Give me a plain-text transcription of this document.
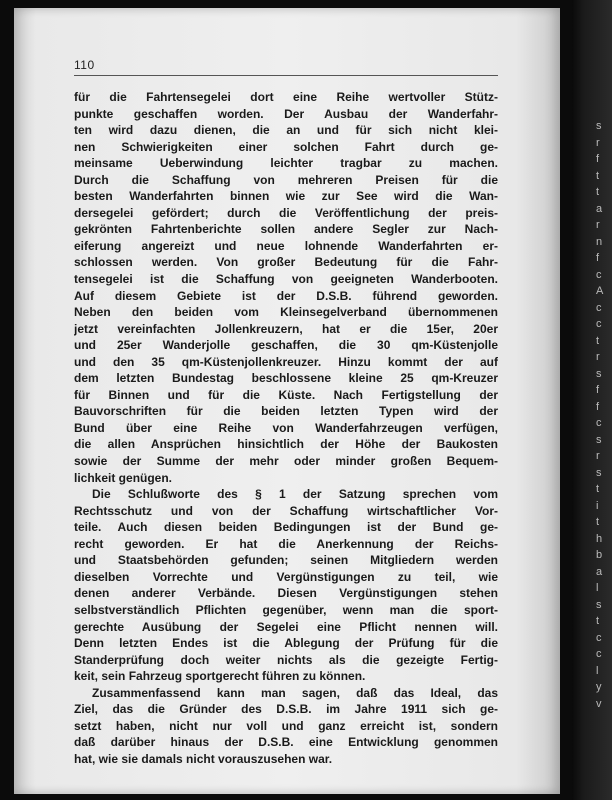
s
r
f
t
t
a
r
n
f
c
A
c
c
t
r
s
f
f
c
s
r
s
t
i
t
h
b
a
l
s
t
c
c
l
y
v
110
für die Fahrtensegelei dort eine Reihe wertvoller Stütz-
punkte geschaffen worden. Der Ausbau der Wanderfahr-
ten wird dazu dienen, die an und für sich nicht klei-
nen Schwierigkeiten einer solchen Fahrt durch ge-
meinsame Ueberwindung leichter tragbar zu machen.
Durch die Schaffung von mehreren Preisen für die
besten Wanderfahrten binnen wie zur See wird die Wan-
dersegelei gefördert; durch die Veröffentlichung der preis-
gekrönten Fahrtenberichte sollen andere Segler zur Nach-
eiferung angereizt und neue lohnende Wanderfahrten er-
schlossen werden. Von großer Bedeutung für die Fahr-
tensegelei ist die Schaffung von geeigneten Wanderbooten.
Auf diesem Gebiete ist der D.S.B. führend geworden.
Neben den beiden vom Kleinsegelverband übernommenen
jetzt vereinfachten Jollenkreuzern, hat er die 15er, 20er
und 25er Wanderjolle geschaffen, die 30 qm-Küstenjolle
und den 35 qm-Küstenjollenkreuzer. Hinzu kommt der auf
dem letzten Bundestag beschlossene kleine 25 qm-Kreuzer
für Binnen und für die Küste. Nach Fertigstellung der
Bauvorschriften für die beiden letzten Typen wird der
Bund über eine Reihe von Wanderfahrzeugen verfügen,
die allen Ansprüchen hinsichtlich der Höhe der Baukosten
sowie der Summe der mehr oder minder großen Bequem-
lichkeit genügen.
Die Schlußworte des § 1 der Satzung sprechen vom
Rechtsschutz und von der Schaffung wirtschaftlicher Vor-
teile. Auch diesen beiden Bedingungen ist der Bund ge-
recht geworden. Er hat die Anerkennung der Reichs-
und Staatsbehörden gefunden; seinen Mitgliedern werden
dieselben Vorrechte und Vergünstigungen zu teil, wie
denen anderer Verbände. Diesen Vergünstigungen stehen
selbstverständlich Pflichten gegenüber, wenn man die sport-
gerechte Ausübung der Segelei eine Pflicht nennen will.
Denn letzten Endes ist die Ablegung der Prüfung für die
Standerprüfung doch weiter nichts als die gezeigte Fertig-
keit, sein Fahrzeug sportgerecht führen zu können.
Zusammenfassend kann man sagen, daß das Ideal, das
Ziel, das die Gründer des D.S.B. im Jahre 1911 sich ge-
setzt haben, nicht nur voll und ganz erreicht ist, sondern
daß darüber hinaus der D.S.B. eine Entwicklung genommen
hat, wie sie damals nicht vorauszusehen war.
